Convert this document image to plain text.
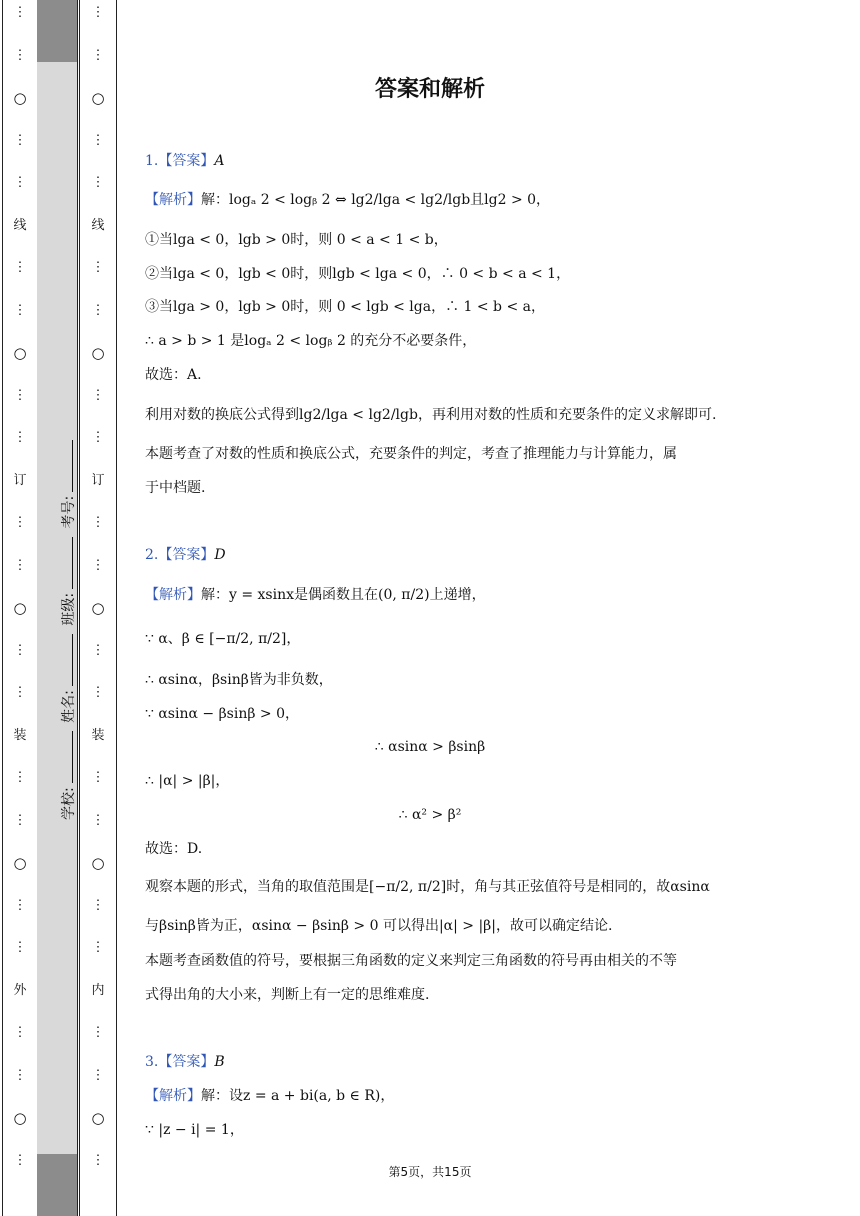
⋮
⋮
○
⋮
⋮
线
⋮
⋮
○
⋮
⋮
订
⋮
⋮
○
⋮
⋮
装
⋮
⋮
○
⋮
⋮
外
⋮
⋮
○
⋮
学校: 姓名: 班级: 考号:
⋮
⋮
○
⋮
⋮
线
⋮
⋮
○
⋮
⋮
订
⋮
⋮
○
⋮
⋮
装
⋮
⋮
○
⋮
⋮
内
⋮
⋮
○
⋮
答案和解析
1.【答案】A
【解析】解：logₐ 2 < logᵦ 2 ⇔ lg2/lga < lg2/lgb且lg2 > 0，
①当lga < 0，lgb > 0时，则 0 < a < 1 < b，
②当lga < 0，lgb < 0时，则lgb < lga < 0，∴ 0 < b < a < 1，
③当lga > 0，lgb > 0时，则 0 < lgb < lga，∴ 1 < b < a，
∴ a > b > 1 是logₐ 2 < logᵦ 2 的充分不必要条件，
故选：A.
利用对数的换底公式得到lg2/lga < lg2/lgb，再利用对数的性质和充要条件的定义求解即可.
本题考查了对数的性质和换底公式，充要条件的判定，考查了推理能力与计算能力，属
于中档题.
2.【答案】D
【解析】解：y = xsinx是偶函数且在(0, π/2)上递增，
∵ α、β ∈ [−π/2, π/2]，
∴ αsinα，βsinβ皆为非负数，
∵ αsinα − βsinβ > 0，
∴ αsinα > βsinβ
∴ |α| > |β|，
∴ α² > β²
故选：D.
观察本题的形式，当角的取值范围是[−π/2, π/2]时，角与其正弦值符号是相同的，故αsinα
与βsinβ皆为正，αsinα − βsinβ > 0 可以得出|α| > |β|，故可以确定结论.
本题考查函数值的符号，要根据三角函数的定义来判定三角函数的符号再由相关的不等
式得出角的大小来，判断上有一定的思维难度.
3.【答案】B
【解析】解：设z = a + bi(a, b ∈ R)，
∵ |z − i| = 1，
第5页，共15页
